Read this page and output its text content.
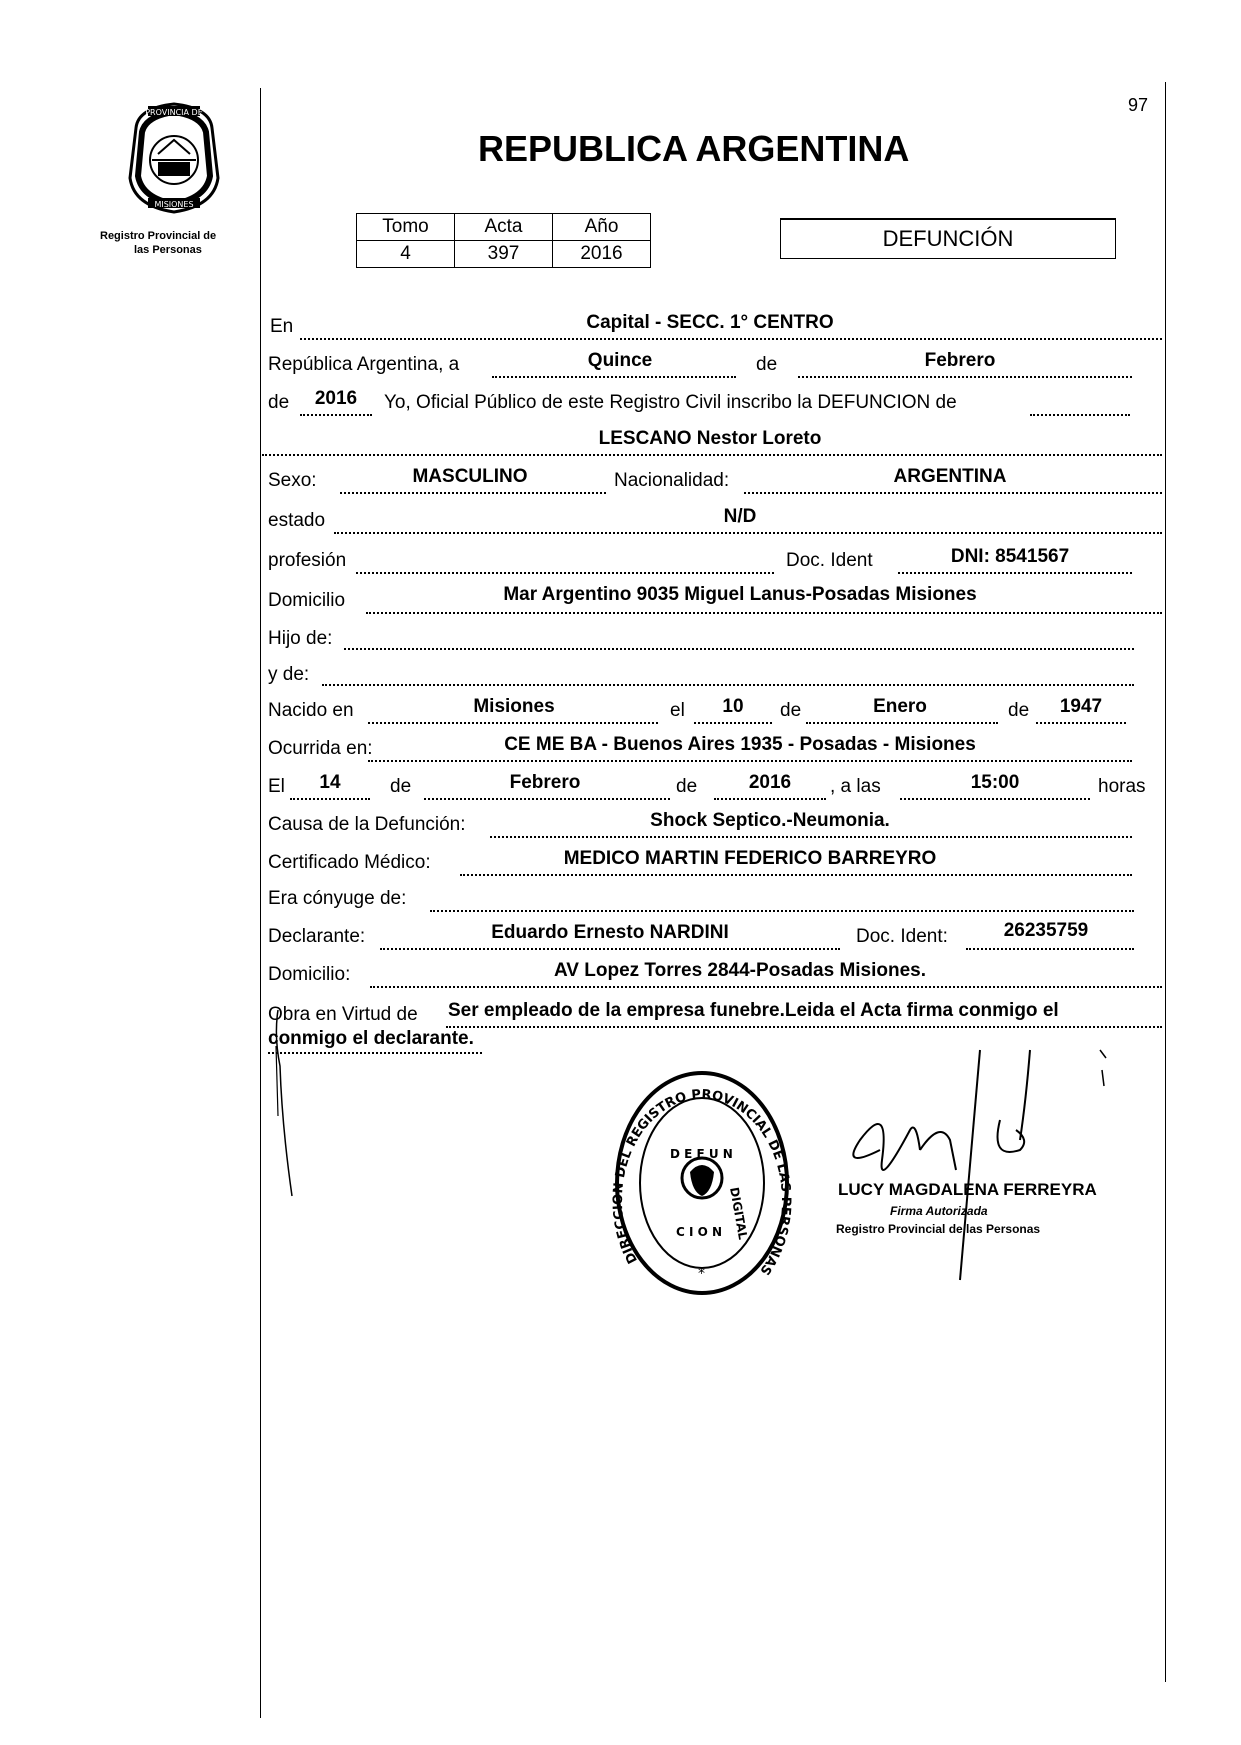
97
PROVINCIA DE
MISIONES
Registro Provincial de
las Personas
REPUBLICA ARGENTINA
Tomo	Acta	Año
4	397	2016
DEFUNCIÓN
En	Capital - SECC. 1° CENTRO
República Argentina, a	Quince	de	Febrero
de	2016	Yo, Oficial Público de este Registro Civil inscribo la DEFUNCION de
LESCANO Nestor Loreto
Sexo:	MASCULINO	Nacionalidad:	ARGENTINA
estado	N/D
profesión	Doc. Ident	DNI: 8541567
Domicilio	Mar Argentino 9035 Miguel Lanus-Posadas Misiones
Hijo de:
y de:
Nacido en	Misiones	el	10	de	Enero	de	1947
Ocurrida en:	CE ME BA - Buenos Aires 1935 - Posadas - Misiones
El	14	de	Febrero	de	2016	, a las	15:00	horas
Causa de la Defunción:	Shock Septico.-Neumonia.
Certificado Médico:	MEDICO MARTIN FEDERICO BARREYRO
Era cónyuge de:
Declarante:	Eduardo Ernesto NARDINI	Doc. Ident:	26235759
Domicilio:	AV Lopez Torres 2844-Posadas Misiones.
Obra en Virtud de Ser empleado de la empresa funebre.Leida el Acta firma conmigo el
conmigo el declarante.
DIRECCION DEL REGISTRO PROVINCIAL DE LAS PERSONAS
D E F U N
C I O N DIGITAL
*
LUCY MAGDALENA FERREYRA
Firma Autorizada
Registro Provincial de las Personas
